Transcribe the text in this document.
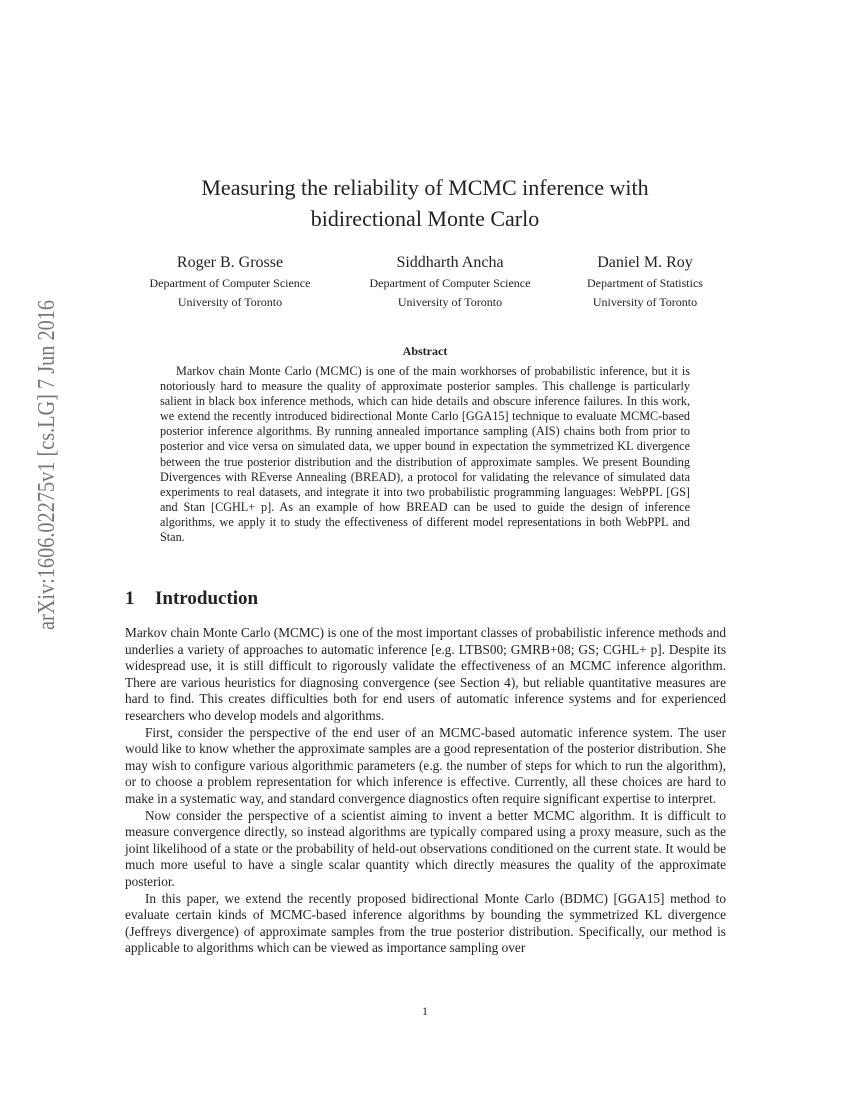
arXiv:1606.02275v1 [cs.LG] 7 Jun 2016
Measuring the reliability of MCMC inference with
bidirectional Monte Carlo
Roger B. Grosse
Department of Computer Science
University of Toronto
Siddharth Ancha
Department of Computer Science
University of Toronto
Daniel M. Roy
Department of Statistics
University of Toronto
Abstract
Markov chain Monte Carlo (MCMC) is one of the main workhorses of probabilistic inference, but it is notoriously hard to measure the quality of approximate posterior samples. This challenge is particularly salient in black box inference methods, which can hide details and obscure inference failures. In this work, we extend the recently introduced bidirectional Monte Carlo [GGA15] technique to evaluate MCMC-based posterior inference algorithms. By running annealed importance sampling (AIS) chains both from prior to posterior and vice versa on simulated data, we upper bound in expectation the symmetrized KL divergence between the true posterior distribution and the distribution of approximate samples. We present Bounding Divergences with REverse Annealing (BREAD), a protocol for validating the relevance of simulated data experiments to real datasets, and integrate it into two probabilistic programming languages: WebPPL [GS] and Stan [CGHL+ p]. As an example of how BREAD can be used to guide the design of inference algorithms, we apply it to study the effectiveness of different model representations in both WebPPL and Stan.
1 Introduction

Markov chain Monte Carlo (MCMC) is one of the most important classes of probabilistic inference methods and underlies a variety of approaches to automatic inference [e.g. LTBS00; GMRB+08; GS; CGHL+ p]. Despite its widespread use, it is still difficult to rigorously validate the effectiveness of an MCMC inference algorithm. There are various heuristics for diagnosing convergence (see Section 4), but reliable quantitative measures are hard to find. This creates difficulties both for end users of automatic inference systems and for experienced researchers who develop models and algorithms.

First, consider the perspective of the end user of an MCMC-based automatic inference system. The user would like to know whether the approximate samples are a good representation of the posterior distribution. She may wish to configure various algorithmic parameters (e.g. the number of steps for which to run the algorithm), or to choose a problem representation for which inference is effective. Currently, all these choices are hard to make in a systematic way, and standard convergence diagnostics often require significant expertise to interpret.

Now consider the perspective of a scientist aiming to invent a better MCMC algorithm. It is difficult to measure convergence directly, so instead algorithms are typically compared using a proxy measure, such as the joint likelihood of a state or the probability of held-out observations conditioned on the current state. It would be much more useful to have a single scalar quantity which directly measures the quality of the approximate posterior.

In this paper, we extend the recently proposed bidirectional Monte Carlo (BDMC) [GGA15] method to evaluate certain kinds of MCMC-based inference algorithms by bounding the symmetrized KL divergence (Jeffreys divergence) of approximate samples from the true posterior distribution. Specifically, our method is applicable to algorithms which can be viewed as importance sampling over

1
